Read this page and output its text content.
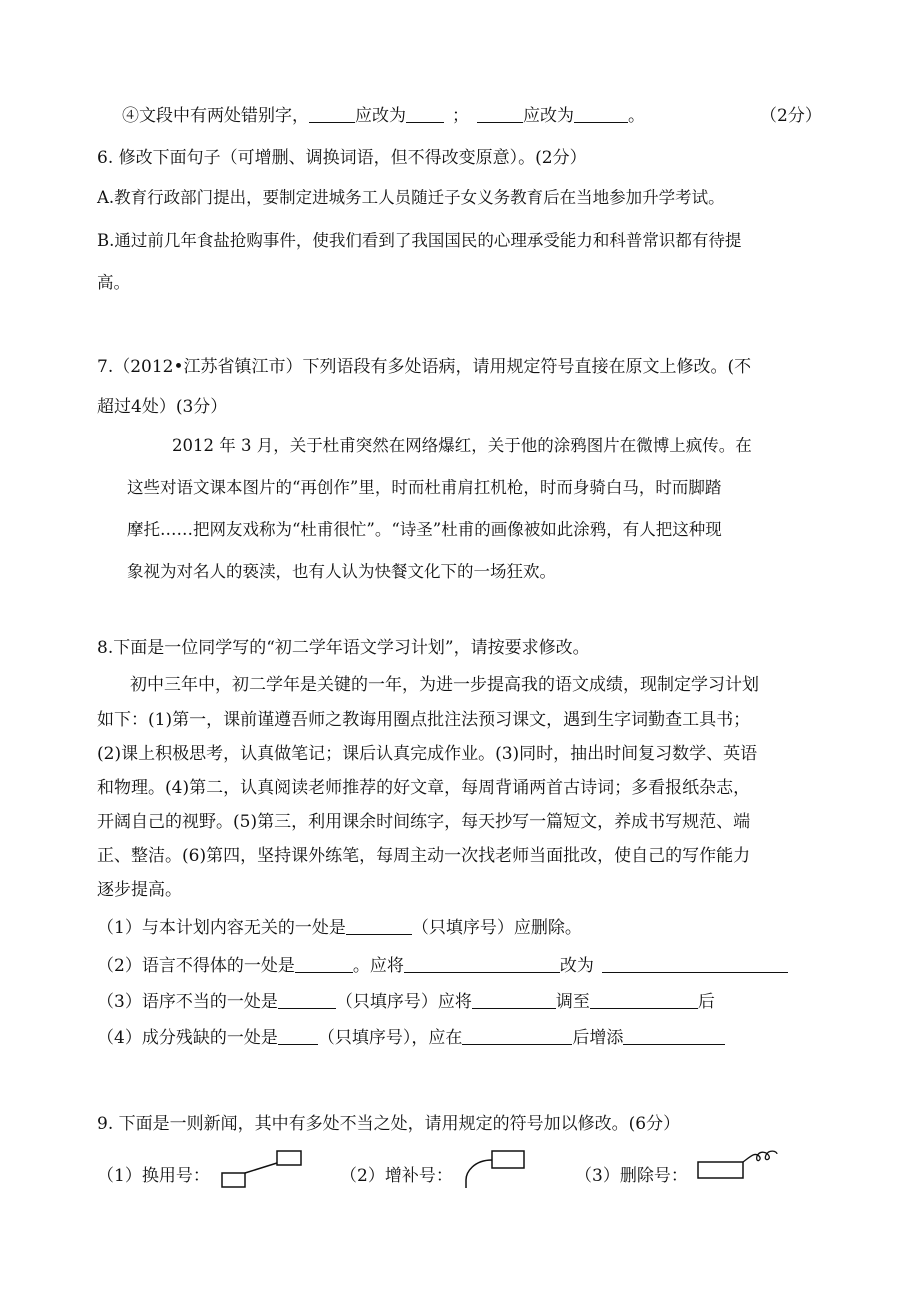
④文段中有两处错别字，	应改为	；	应改为	。	（2分）
6. 修改下面句子（可增删、调换词语，但不得改变原意）。(2分）
A.教育行政部门提出，要制定进城务工人员随迁子女义务教育后在当地参加升学考试。
B.通过前几年食盐抢购事件，使我们看到了我国国民的心理承受能力和科普常识都有待提
高。
7.（2012•江苏省镇江市）下列语段有多处语病，请用规定符号直接在原文上修改。(不
超过4处）(3分）
2012 年 3 月，关于杜甫突然在网络爆红，关于他的涂鸦图片在微博上疯传。在
这些对语文课本图片的“再创作”里，时而杜甫肩扛机枪，时而身骑白马，时而脚踏
摩托……把网友戏称为“杜甫很忙”。“诗圣”杜甫的画像被如此涂鸦，有人把这种现
象视为对名人的亵渎，也有人认为快餐文化下的一场狂欢。
8.下面是一位同学写的“初二学年语文学习计划”，请按要求修改。
初中三年中，初二学年是关键的一年，为进一步提高我的语文成绩，现制定学习计划
如下：(1)第一，课前谨遵吾师之教诲用圈点批注法预习课文，遇到生字词勤查工具书；
(2)课上积极思考，认真做笔记；课后认真完成作业。(3)同时，抽出时间复习数学、英语
和物理。(4)第二，认真阅读老师推荐的好文章，每周背诵两首古诗词；多看报纸杂志，
开阔自己的视野。(5)第三，利用课余时间练字，每天抄写一篇短文，养成书写规范、端
正、整洁。(6)第四，坚持课外练笔，每周主动一次找老师当面批改，使自己的写作能力
逐步提高。
（1）与本计划内容无关的一处是	（只填序号）应删除。
（2）语言不得体的一处是	。应将	改为
（3）语序不当的一处是	（只填序号）应将	调至	后
（4）成分残缺的一处是 （只填序号），应在	后增添
9. 下面是一则新闻，其中有多处不当之处，请用规定的符号加以修改。(6分）
（1）换用号：	（2）增补号：	（3）删除号：
